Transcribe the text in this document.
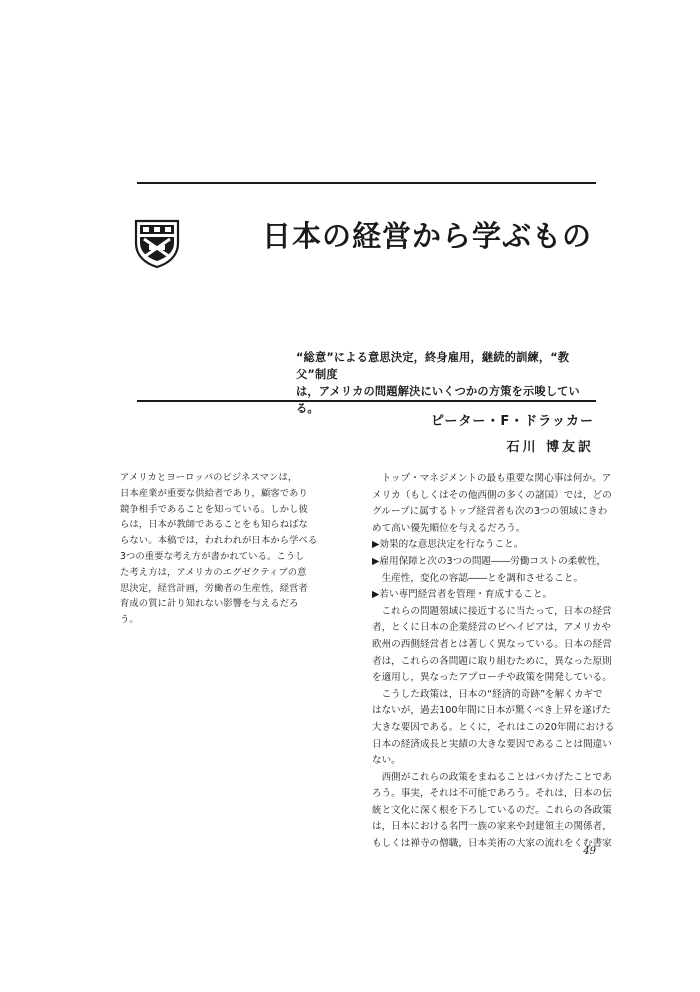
日本の経営から学ぶもの
“総意”による意思決定，終身雇用，継続的訓練，“教父”制度
は，アメリカの問題解決にいくつかの方策を示唆している。
ピーター・F・ドラッカー
石川 博友訳
アメリカとヨーロッパのビジネスマンは，
日本産業が重要な供給者であり，顧客であり
競争相手であることを知っている。しかし彼
らは，日本が教師であることをも知らねばな
らない。本稿では，われわれが日本から学べる
3つの重要な考え方が書かれている。こうし
た考え方は，アメリカのエグゼクティブの意
思決定，経営計画，労働者の生産性，経営者
育成の質に計り知れない影響を与えるだろ
う。
　トップ・マネジメントの最も重要な関心事は何か。ア
メリカ（もしくはその他西側の多くの諸国）では，どの
グループに属するトップ経営者も次の3つの領域にきわ
めて高い優先順位を与えるだろう。
▶効果的な意思決定を行なうこと。
▶雇用保障と次の3つの問題――労働コストの柔軟性，
　生産性，変化の容認――とを調和させること。
▶若い専門経営者を管理・育成すること。
　これらの問題領域に接近するに当たって，日本の経営
者，とくに日本の企業経営のビヘイビアは，アメリカや
欧州の西側経営者とは著しく異なっている。日本の経営
者は，これらの各問題に取り組むために，異なった原則
を適用し，異なったアプローチや政策を開発している。
　こうした政策は，日本の“経済的奇跡”を解くカギで
はないが，過去100年間に日本が驚くべき上昇を遂げた
大きな要因である。とくに，それはこの20年間における
日本の経済成長と実績の大きな要因であることは間違い
ない。
　西側がこれらの政策をまねることはバカげたことであ
ろう。事実，それは不可能であろう。それは，日本の伝
統と文化に深く根を下ろしているのだ。これらの各政策
は，日本における名門一族の家来や封建領主の関係者，
もしくは禅寺の僧職，日本美術の大家の流れをくむ書家
49
